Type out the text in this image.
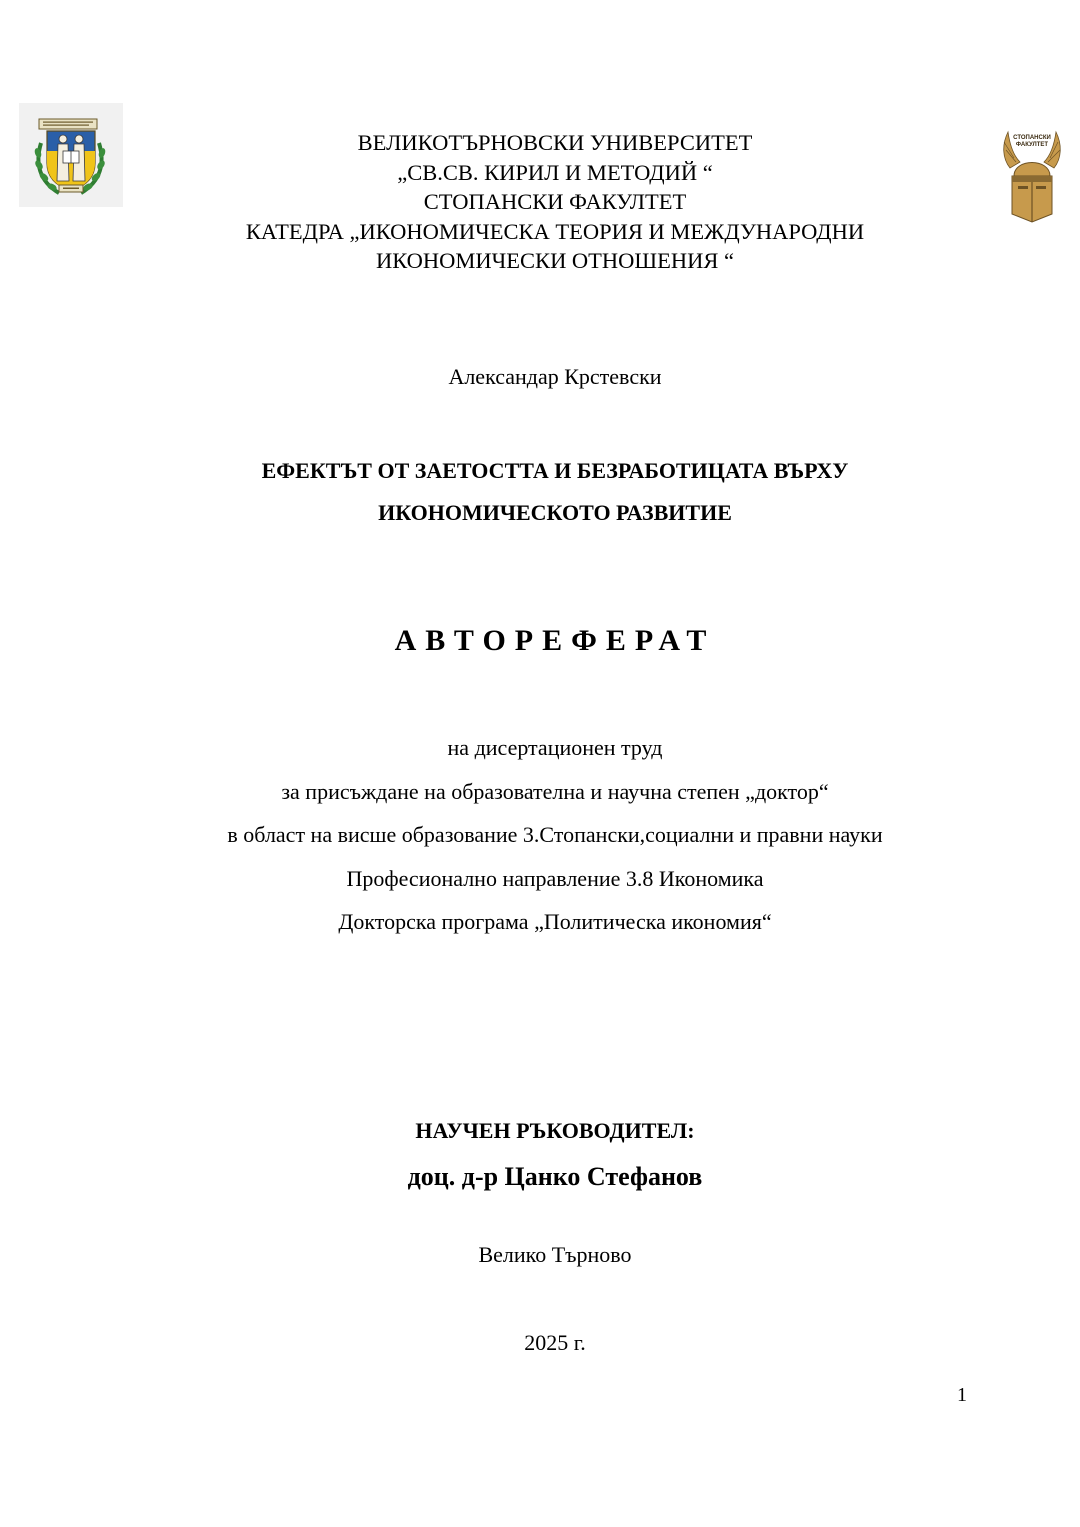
СТОПАНСКИ
ФАКУЛТЕТ
ВЕЛИКОТЪРНОВСКИ УНИВЕРСИТЕТ
„СВ.СВ. КИРИЛ И МЕТОДИЙ “
СТОПАНСКИ ФАКУЛТЕТ
КАТЕДРА „ИКОНОМИЧЕСКА ТЕОРИЯ И МЕЖДУНАРОДНИ
ИКОНОМИЧЕСКИ ОТНОШЕНИЯ “
Александар Крстевски
ЕФЕКТЪТ ОТ ЗАЕТОСТТА И БЕЗРАБОТИЦАТА ВЪРХУ
ИКОНОМИЧЕСКОТО РАЗВИТИЕ
АВТОРЕФЕРАТ
на дисертационен труд
за присъждане на образователна и научна степен „доктор“
в област на висше образование 3.Стопански,социални и правни науки
Професионално направление 3.8 Икономика
Докторска програма „Политическа икономия“
НАУЧЕН РЪКОВОДИТЕЛ:
доц. д-р Цанко Стефанов
Велико Търново
2025 г.
1
